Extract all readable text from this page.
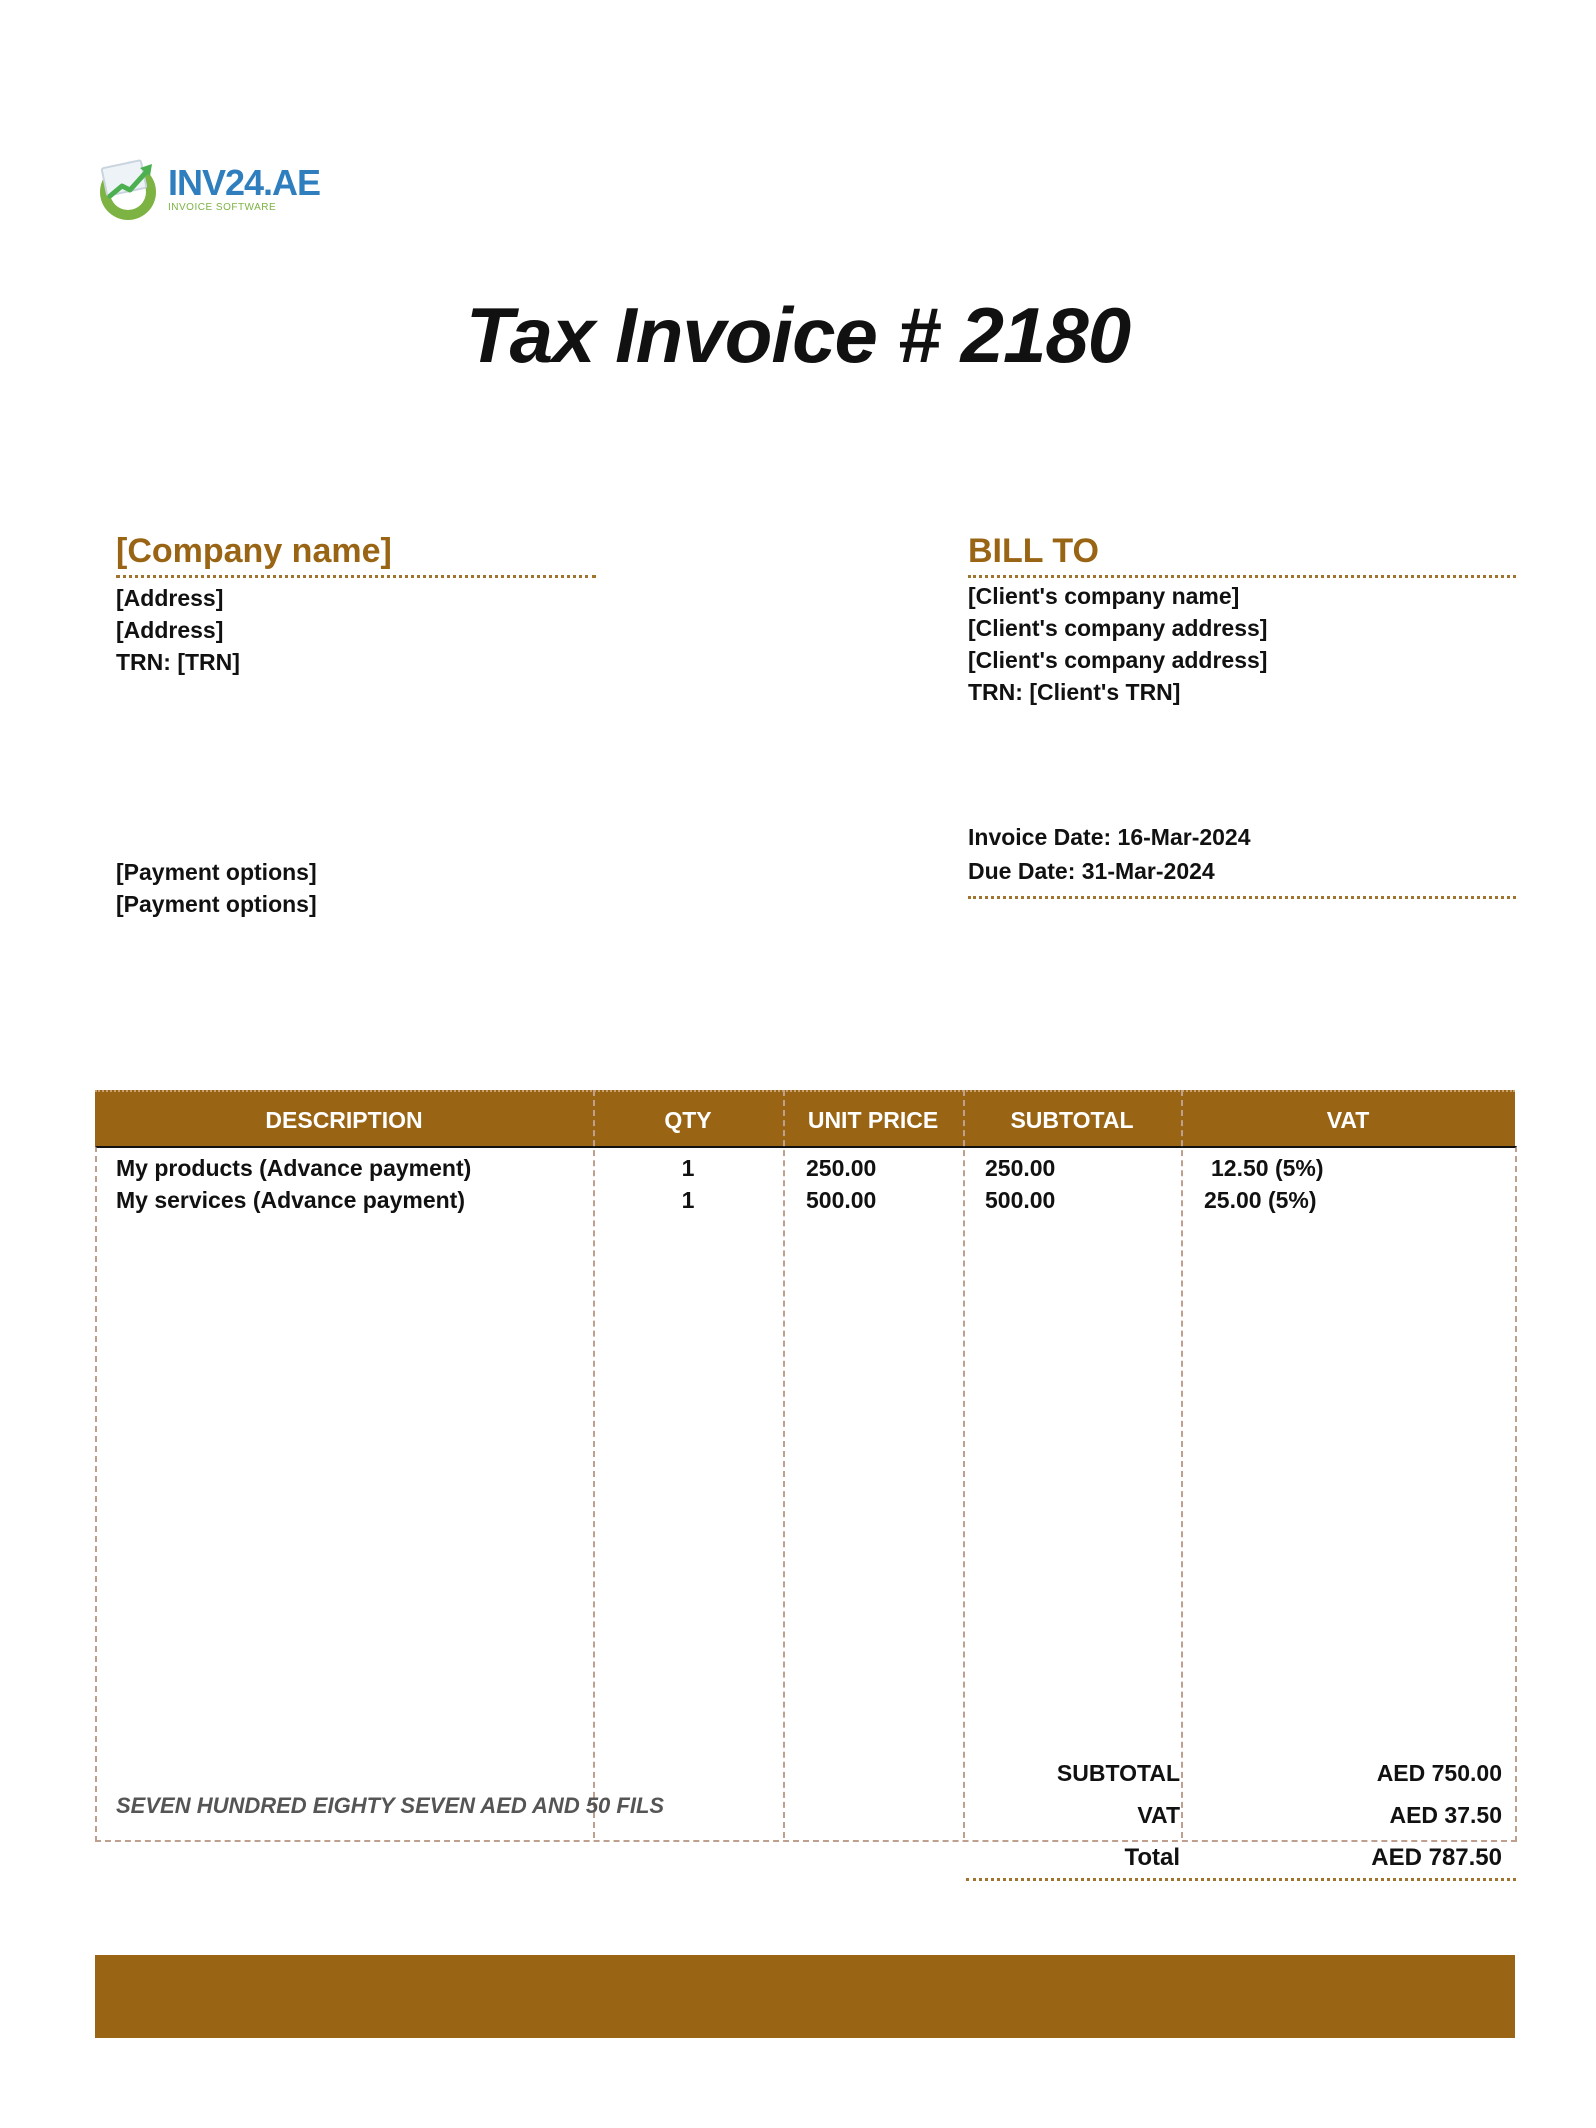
INV24.AE
INVOICE SOFTWARE
Tax Invoice # 2180
[Company name]
[Address]
[Address]
TRN: [TRN]
BILL TO
[Client's company name]
[Client's company address]
[Client's company address]
TRN: [Client's TRN]
Invoice Date: 16-Mar-2024
Due Date: 31-Mar-2024
[Payment options]
[Payment options]
DESCRIPTION	QTY	UNIT PRICE	SUBTOTAL	VAT
My products (Advance payment)	1	250.00	250.00	12.50 (5%)
My services (Advance payment)	1	500.00	500.00	25.00 (5%)
SEVEN HUNDRED EIGHTY SEVEN AED AND 50 FILS
SUBTOTAL	AED 750.00
VAT	AED 37.50
Total	AED 787.50
